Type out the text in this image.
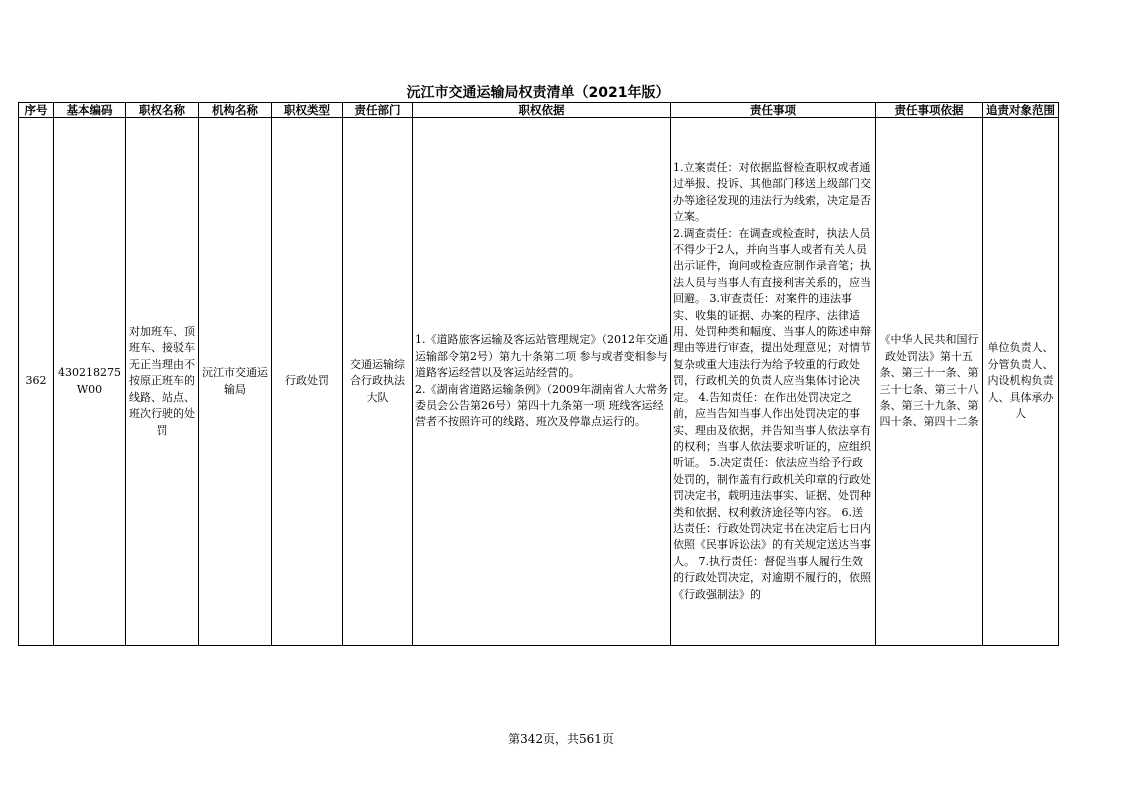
沅江市交通运输局权责清单（2021年版）
序号	基本编码	职权名称	机构名称	职权类型	责任部门	职权依据	责任事项	责任事项依据	追责对象范围
362	430218275W00	对加班车、顶班车、接驳车无正当理由不按原正班车的线路、站点、班次行驶的处罚	沅江市交通运输局	行政处罚	交通运输综合行政执法大队	1.《道路旅客运输及客运站管理规定》（2012年交通运输部令第2号）第九十条第二项 参与或者变相参与道路客运经营以及客运站经营的。
2.《湖南省道路运输条例》（2009年湖南省人大常务委员会公告第26号）第四十九条第一项 班线客运经营者不按照许可的线路、班次及停靠点运行的。	1.立案责任：对依据监督检查职权或者通过举报、投诉、其他部门移送上级部门交办等途径发现的违法行为线索，决定是否立案。
2.调查责任：在调查或检查时，执法人员不得少于2人，并向当事人或者有关人员出示证件，询问或检查应制作录音笔；执法人员与当事人有直接利害关系的，应当回避。 3.审查责任：对案件的违法事实、收集的证据、办案的程序、法律适用、处罚种类和幅度、当事人的陈述申辩理由等进行审查，提出处理意见；对情节复杂或重大违法行为给予较重的行政处罚，行政机关的负责人应当集体讨论决定。 4.告知责任：在作出处罚决定之前，应当告知当事人作出处罚决定的事实、理由及依据，并告知当事人依法享有的权利；当事人依法要求听证的，应组织听证。 5.决定责任：依法应当给予行政处罚的，制作盖有行政机关印章的行政处罚决定书，载明违法事实、证据、处罚种类和依据、权利救济途径等内容。 6.送达责任：行政处罚决定书在决定后七日内依照《民事诉讼法》的有关规定送达当事人。 7.执行责任：督促当事人履行生效的行政处罚决定，对逾期不履行的，依照《行政强制法》的	《中华人民共和国行政处罚法》第十五条、第三十一条、第三十七条、第三十八条、第三十九条、第四十条、第四十二条	单位负责人、分管负责人、内设机构负责人、具体承办人
第342页，共561页
